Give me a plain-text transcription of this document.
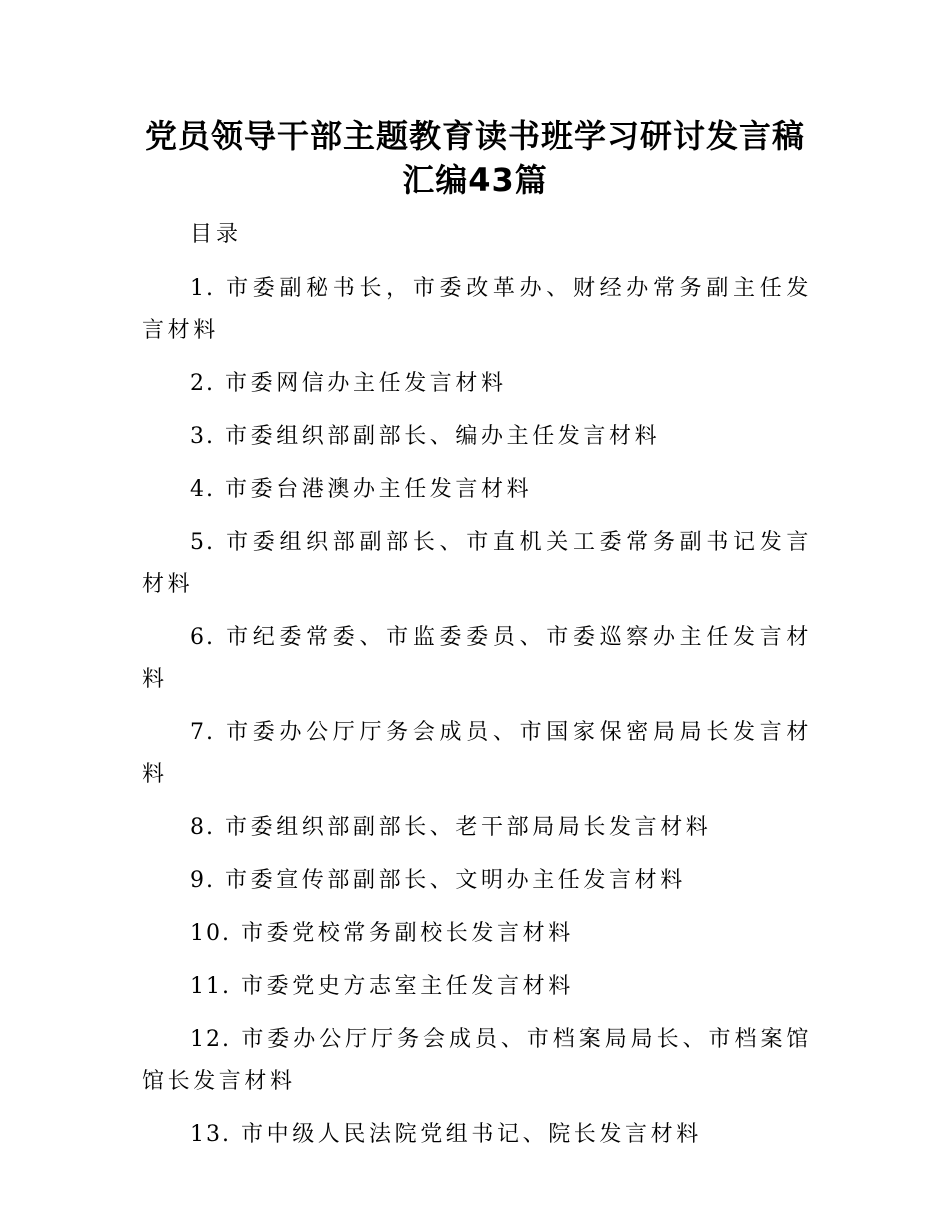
党员领导干部主题教育读书班学习研讨发言稿
汇编43篇

目录

1. 市委副秘书长，市委改革办、财经办常务副主任发言材料
2. 市委网信办主任发言材料
3. 市委组织部副部长、编办主任发言材料
4. 市委台港澳办主任发言材料
5. 市委组织部副部长、市直机关工委常务副书记发言材料
6. 市纪委常委、市监委委员、市委巡察办主任发言材料
7. 市委办公厅厅务会成员、市国家保密局局长发言材料
8. 市委组织部副部长、老干部局局长发言材料
9. 市委宣传部副部长、文明办主任发言材料
10. 市委党校常务副校长发言材料
11. 市委党史方志室主任发言材料
12. 市委办公厅厅务会成员、市档案局局长、市档案馆馆长发言材料
13. 市中级人民法院党组书记、院长发言材料
